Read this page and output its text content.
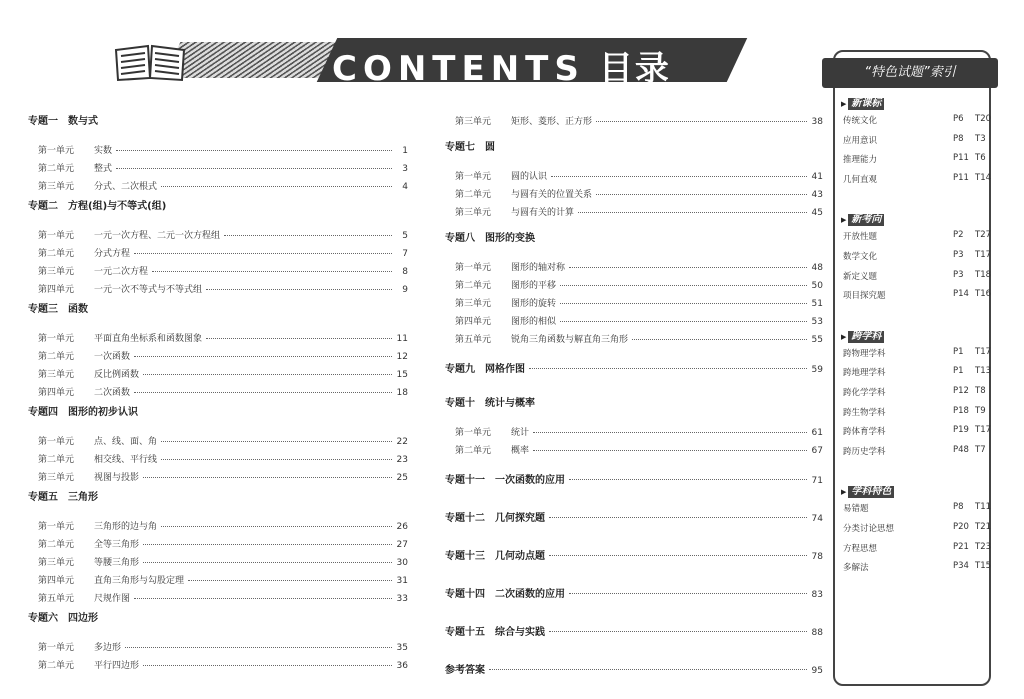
CONTENTS 目录
专题一　数与式
第一单元	实数	1
第二单元	整式	3
第三单元	分式、二次根式	4
专题二　方程(组)与不等式(组)
第一单元	一元一次方程、二元一次方程组	5
第二单元	分式方程	7
第三单元	一元二次方程	8
第四单元	一元一次不等式与不等式组	9
专题三　函数
第一单元	平面直角坐标系和函数图象	11
第二单元	一次函数	12
第三单元	反比例函数	15
第四单元	二次函数	18
专题四　图形的初步认识
第一单元	点、线、面、角	22
第二单元	相交线、平行线	23
第三单元	视图与投影	25
专题五　三角形
第一单元	三角形的边与角	26
第二单元	全等三角形	27
第三单元	等腰三角形	30
第四单元	直角三角形与勾股定理	31
第五单元	尺规作图	33
专题六　四边形
第一单元	多边形	35
第二单元	平行四边形	36
第三单元	矩形、菱形、正方形	38
专题七　圆
第一单元	圆的认识	41
第二单元	与圆有关的位置关系	43
第三单元	与圆有关的计算	45
专题八　图形的变换
第一单元	图形的轴对称	48
第二单元	图形的平移	50
第三单元	图形的旋转	51
第四单元	图形的相似	53
第五单元	锐角三角函数与解直角三角形	55
专题九　网格作图	59
专题十　统计与概率
第一单元	统计	61
第二单元	概率	67
专题十一　一次函数的应用	71
专题十二　几何探究题	74
专题十三　几何动点题	78
专题十四　二次函数的应用	83
专题十五　综合与实践	88
参考答案	95
“特色试题”索引
▶ 新课标
传统文化	P6 T20
应用意识	P8 T3
推理能力	P11 T6
几何直观	P11 T14
▶ 新考向
开放性题	P2 T27
数学文化	P3 T17
新定义题	P3 T18
项目探究题	P14 T16
▶ 跨学科
跨物理学科	P1 T17
跨地理学科	P1 T13
跨化学学科	P12 T8
跨生物学科	P18 T9
跨体育学科	P19 T17
跨历史学科	P48 T7
▶ 学科特色
易错题	P8 T11
分类讨论思想	P20 T21
方程思想	P21 T23
多解法	P34 T15
